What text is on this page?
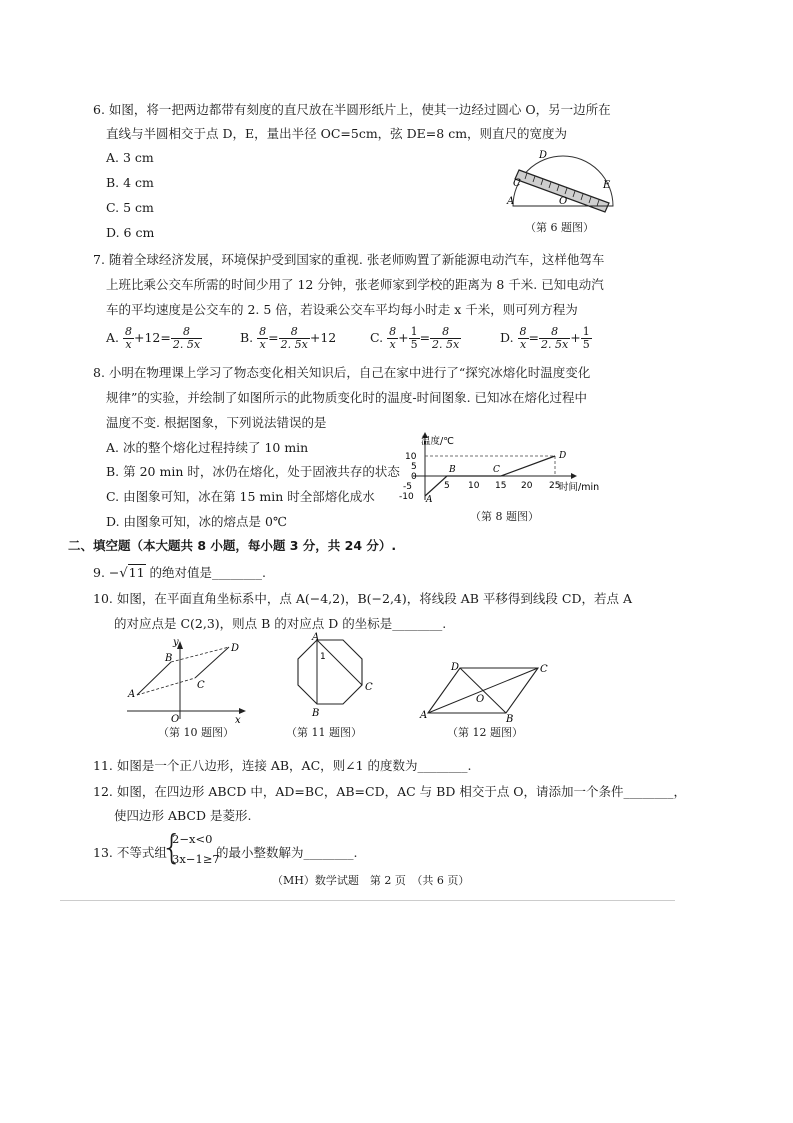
6. 如图，将一把两边都带有刻度的直尺放在半圆形纸片上，使其一边经过圆心 O，另一边所在
直线与半圆相交于点 D，E，量出半径 OC=5cm，弦 DE=8 cm，则直尺的宽度为
A. 3 cm
B. 4 cm
C. 5 cm
D. 6 cm
D
E
C
A	O
（第 6 题图）
7. 随着全球经济发展，环境保护受到国家的重视. 张老师购置了新能源电动汽车，这样他驾车
上班比乘公交车所需的时间少用了 12 分钟，张老师家到学校的距离为 8 千米. 已知电动汽
车的平均速度是公交车的 2. 5 倍，若设乘公交车平均每小时走 x 千米，则可列方程为
A. $\frac{8}{x} +12= \frac{8}{2. 5x}$	B. $\frac{8}{x} = \frac{8}{2. 5x} +12$	C. $\frac{8}{x} + \frac{1}{5} = \frac{8}{2. 5x}$	D. $\frac{8}{x} = \frac{8}{2. 5x} + \frac{1}{5}$
8. 小明在物理课上学习了物态变化相关知识后，自己在家中进行了“探究冰熔化时温度变化
规律”的实验，并绘制了如图所示的此物质变化时的温度-时间图象. 已知冰在熔化过程中
温度不变. 根据图象，下列说法错误的是
A. 冰的整个熔化过程持续了 10 min
B. 第 20 min 时，冰仍在熔化，处于固液共存的状态
C. 由图象可知，冰在第 15 min 时全部熔化成水
D. 由图象可知，冰的熔点是 0℃
温度/℃
时间/min
10
5
0
-5
-10
5 10 15 20 25
A
B	C
D
（第 8 题图）
二、填空题（本大题共 8 小题，每小题 3 分，共 24 分）.
9. −√11 的绝对值是________.
10. 如图，在平面直角坐标系中，点 A(−4,2)，B(−2,4)，将线段 AB 平移得到线段 CD，若点 A
的对应点是 C(2,3)，则点 B 的对应点 D 的坐标是________.
y
x
O
A
B
C
D
（第 10 题图）
A
B
C
1
（第 11 题图）
A	B
C
D
O
（第 12 题图）
11. 如图是一个正八边形，连接 AB，AC，则∠1 的度数为________.
12. 如图，在四边形 ABCD 中，AD=BC，AB=CD，AC 与 BD 相交于点 O，请添加一个条件________，
使四边形 ABCD 是菱形.
13. 不等式组
{
2−x<0
3x−1≥7
的最小整数解为________.
（MH）数学试题　第 2 页　（共 6 页）
